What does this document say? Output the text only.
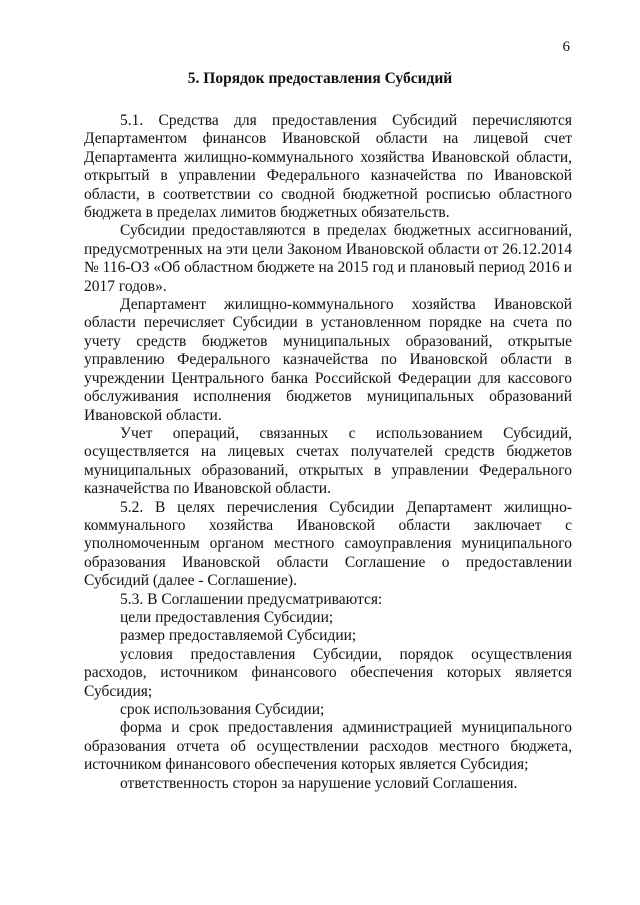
6
5. Порядок предоставления Субсидий

5.1. Средства для предоставления Субсидий перечисляются Департаментом финансов Ивановской области на лицевой счет Департамента жилищно-коммунального хозяйства Ивановской области, открытый в управлении Федерального казначейства по Ивановской области, в соответствии со сводной бюджетной росписью областного бюджета в пределах лимитов бюджетных обязательств.

Субсидии предоставляются в пределах бюджетных ассигнований, предусмотренных на эти цели Законом Ивановской области от 26.12.2014 № 116-ОЗ «Об областном бюджете на 2015 год и плановый период 2016 и 2017 годов».

Департамент жилищно-коммунального хозяйства Ивановской области перечисляет Субсидии в установленном порядке на счета по учету средств бюджетов муниципальных образований, открытые управлению Федерального казначейства по Ивановской области в учреждении Центрального банка Российской Федерации для кассового обслуживания исполнения бюджетов муниципальных образований Ивановской области.

Учет операций, связанных с использованием Субсидий, осуществляется на лицевых счетах получателей средств бюджетов муниципальных образований, открытых в управлении Федерального казначейства по Ивановской области.

5.2. В целях перечисления Субсидии Департамент жилищно-коммунального хозяйства Ивановской области заключает с уполномоченным органом местного самоуправления муниципального образования Ивановской области Соглашение о предоставлении Субсидий (далее - Соглашение).

5.3. В Соглашении предусматриваются:

цели предоставления Субсидии;

размер предоставляемой Субсидии;

условия предоставления Субсидии, порядок осуществления расходов, источником финансового обеспечения которых является Субсидия;

срок использования Субсидии;

форма и срок предоставления администрацией муниципального образования отчета об осуществлении расходов местного бюджета, источником финансового обеспечения которых является Субсидия;

ответственность сторон за нарушение условий Соглашения.
